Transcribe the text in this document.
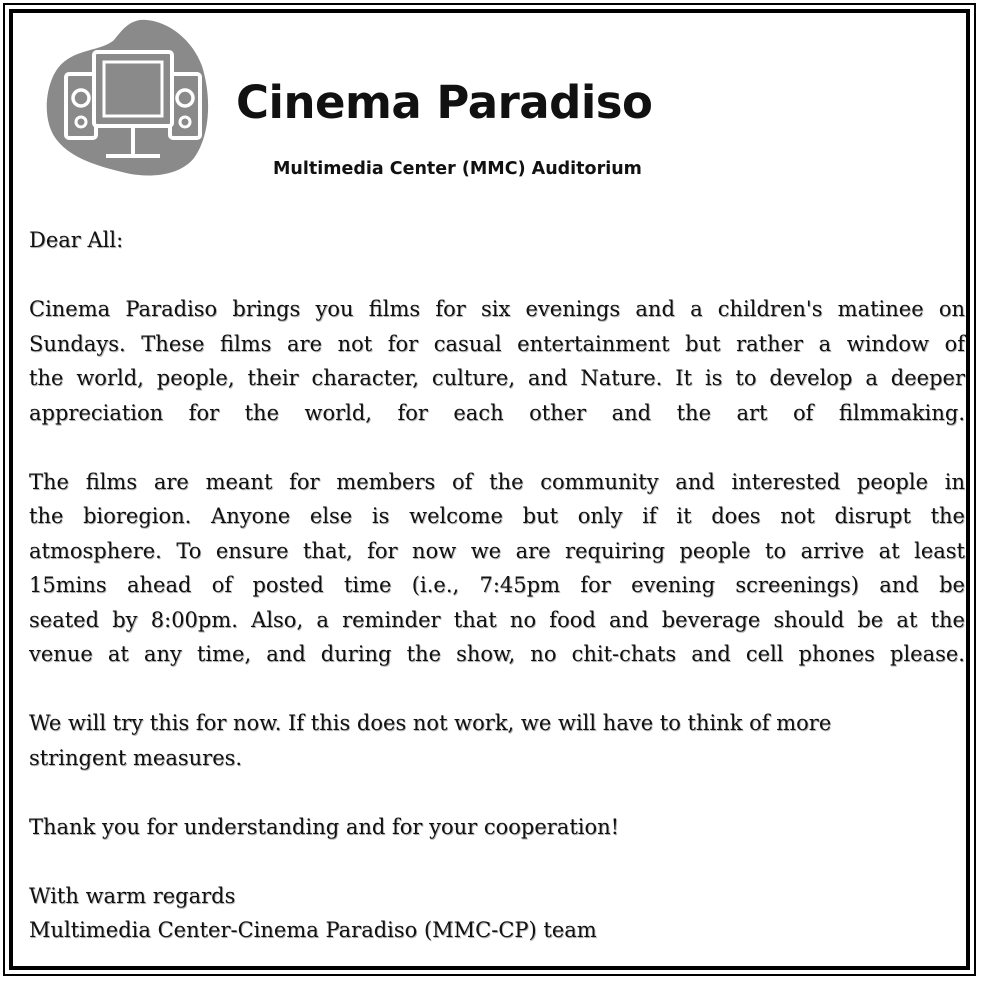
Cinema Paradiso
Multimedia Center (MMC) Auditorium

Dear All:

Cinema Paradiso brings you films for six evenings and a children's matinee on
Sundays. These films are not for casual entertainment but rather a window of
the world, people, their character, culture, and Nature. It is to develop a deeper
appreciation for the world, for each other and the art of filmmaking.

The films are meant for members of the community and interested people in
the bioregion. Anyone else is welcome but only if it does not disrupt the
atmosphere. To ensure that, for now we are requiring people to arrive at least
15mins ahead of posted time (i.e., 7:45pm for evening screenings) and be
seated by 8:00pm. Also, a reminder that no food and beverage should be at the
venue at any time, and during the show, no chit-chats and cell phones please.

We will try this for now. If this does not work, we will have to think of more
stringent measures.

Thank you for understanding and for your cooperation!

With warm regards
Multimedia Center-Cinema Paradiso (MMC-CP) team
